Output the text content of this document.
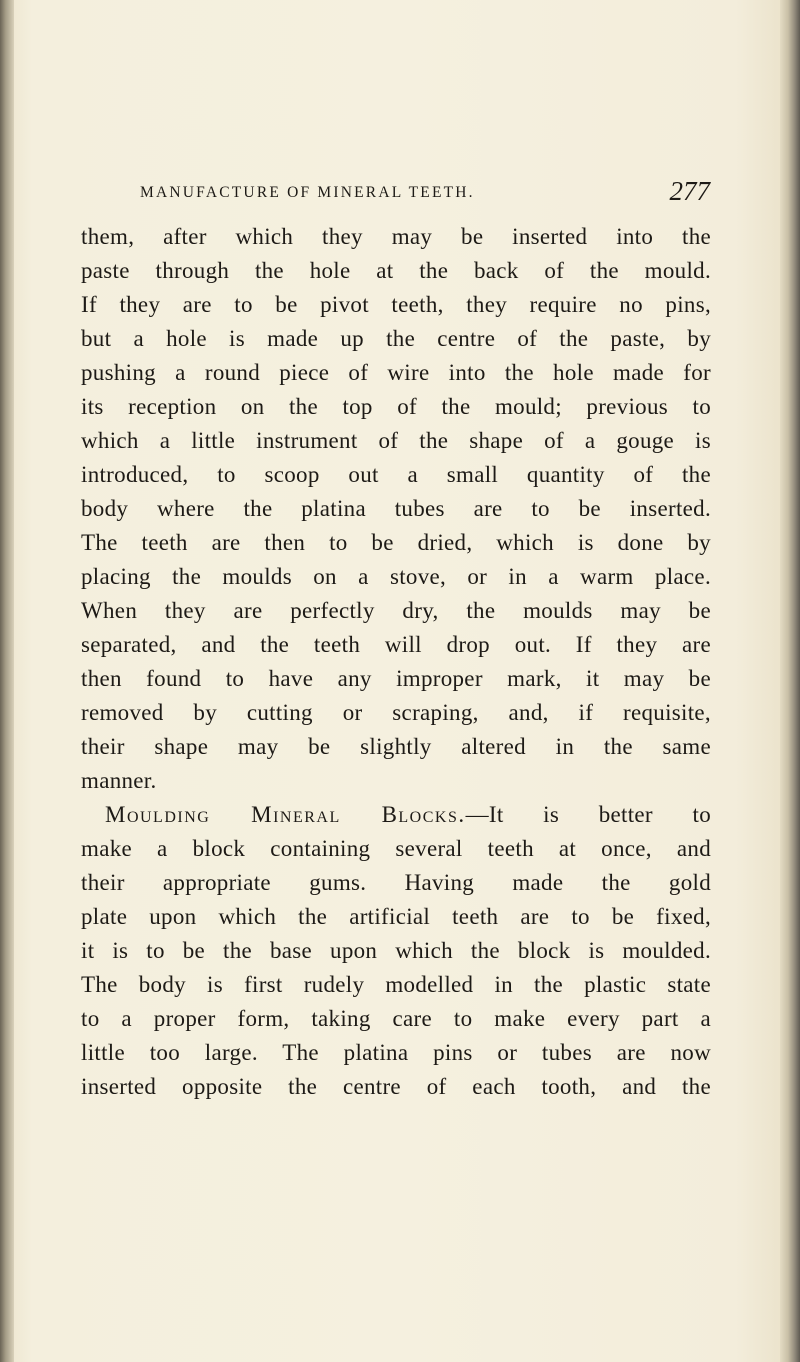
MANUFACTURE OF MINERAL TEETH.	277
them, after which they may be inserted into the
paste through the hole at the back of the mould.
If they are to be pivot teeth, they require no pins,
but a hole is made up the centre of the paste, by
pushing a round piece of wire into the hole made for
its reception on the top of the mould; previous to
which a little instrument of the shape of a gouge is
introduced, to scoop out a small quantity of the
body where the platina tubes are to be inserted.
The teeth are then to be dried, which is done by
placing the moulds on a stove, or in a warm place.
When they are perfectly dry, the moulds may be
separated, and the teeth will drop out. If they are
then found to have any improper mark, it may be
removed by cutting or scraping, and, if requisite,
their shape may be slightly altered in the same
manner.
Moulding Mineral Blocks.—It is better to
make a block containing several teeth at once, and
their appropriate gums. Having made the gold
plate upon which the artificial teeth are to be fixed,
it is to be the base upon which the block is moulded.
The body is first rudely modelled in the plastic state
to a proper form, taking care to make every part a
little too large. The platina pins or tubes are now
inserted opposite the centre of each tooth, and the
